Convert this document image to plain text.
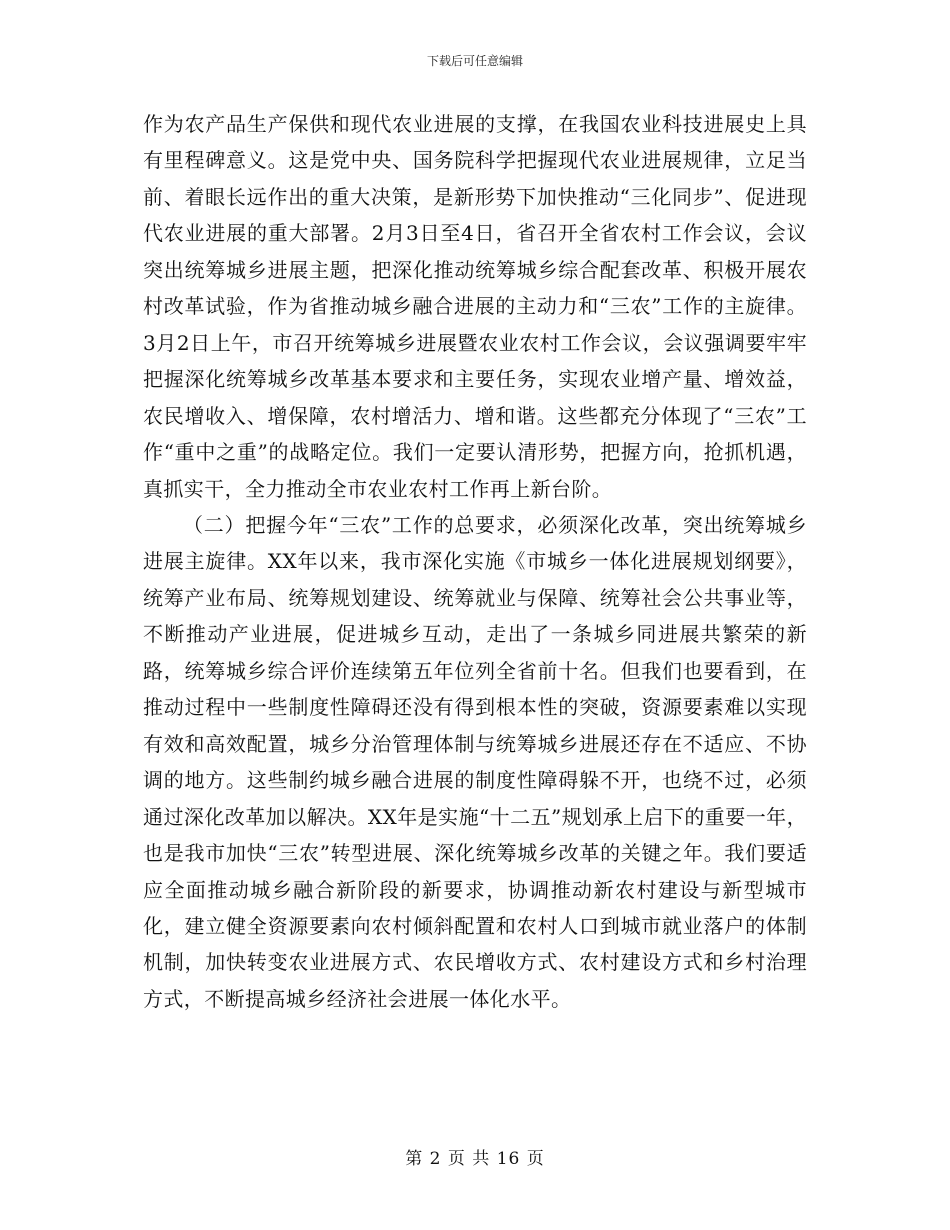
下载后可任意编辑

作为农产品生产保供和现代农业进展的支撑，在我国农业科技进展史上具有里程碑意义。这是党中央、国务院科学把握现代农业进展规律，立足当前、着眼长远作出的重大决策，是新形势下加快推动“三化同步”、促进现代农业进展的重大部署。2月3日至4日，省召开全省农村工作会议，会议突出统筹城乡进展主题，把深化推动统筹城乡综合配套改革、积极开展农村改革试验，作为省推动城乡融合进展的主动力和“三农”工作的主旋律。3月2日上午，市召开统筹城乡进展暨农业农村工作会议，会议强调要牢牢把握深化统筹城乡改革基本要求和主要任务，实现农业增产量、增效益，农民增收入、增保障，农村增活力、增和谐。这些都充分体现了“三农”工作“重中之重”的战略定位。我们一定要认清形势，把握方向，抢抓机遇，真抓实干，全力推动全市农业农村工作再上新台阶。

（二）把握今年“三农”工作的总要求，必须深化改革，突出统筹城乡进展主旋律。XX年以来，我市深化实施《市城乡一体化进展规划纲要》，统筹产业布局、统筹规划建设、统筹就业与保障、统筹社会公共事业等，不断推动产业进展，促进城乡互动，走出了一条城乡同进展共繁荣的新路，统筹城乡综合评价连续第五年位列全省前十名。但我们也要看到，在推动过程中一些制度性障碍还没有得到根本性的突破，资源要素难以实现有效和高效配置，城乡分治管理体制与统筹城乡进展还存在不适应、不协调的地方。这些制约城乡融合进展的制度性障碍躲不开，也绕不过，必须通过深化改革加以解决。XX年是实施“十二五”规划承上启下的重要一年，也是我市加快“三农”转型进展、深化统筹城乡改革的关键之年。我们要适应全面推动城乡融合新阶段的新要求，协调推动新农村建设与新型城市化，建立健全资源要素向农村倾斜配置和农村人口到城市就业落户的体制机制，加快转变农业进展方式、农民增收方式、农村建设方式和乡村治理方式，不断提高城乡经济社会进展一体化水平。

第 2 页 共 16 页
